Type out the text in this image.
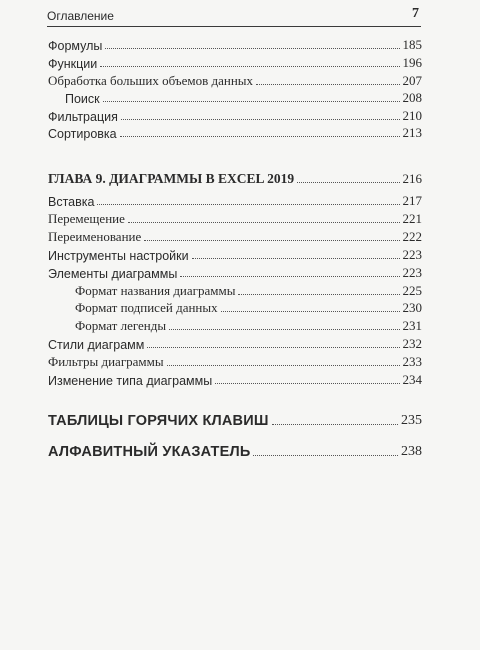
Оглавление	7
Формулы	185
Функции	196
Обработка больших объемов данных	207
Поиск	208
Фильтрация	210
Сортировка	213
ГЛАВА 9. ДИАГРАММЫ В EXCEL 2019	216
Вставка	217
Перемещение	221
Переименование	222
Инструменты настройки	223
Элементы диаграммы	223
Формат названия диаграммы	225
Формат подписей данных	230
Формат легенды	231
Стили диаграмм	232
Фильтры диаграммы	233
Изменение типа диаграммы	234
ТАБЛИЦЫ ГОРЯЧИХ КЛАВИШ	235
АЛФАВИТНЫЙ УКАЗАТЕЛЬ	238
